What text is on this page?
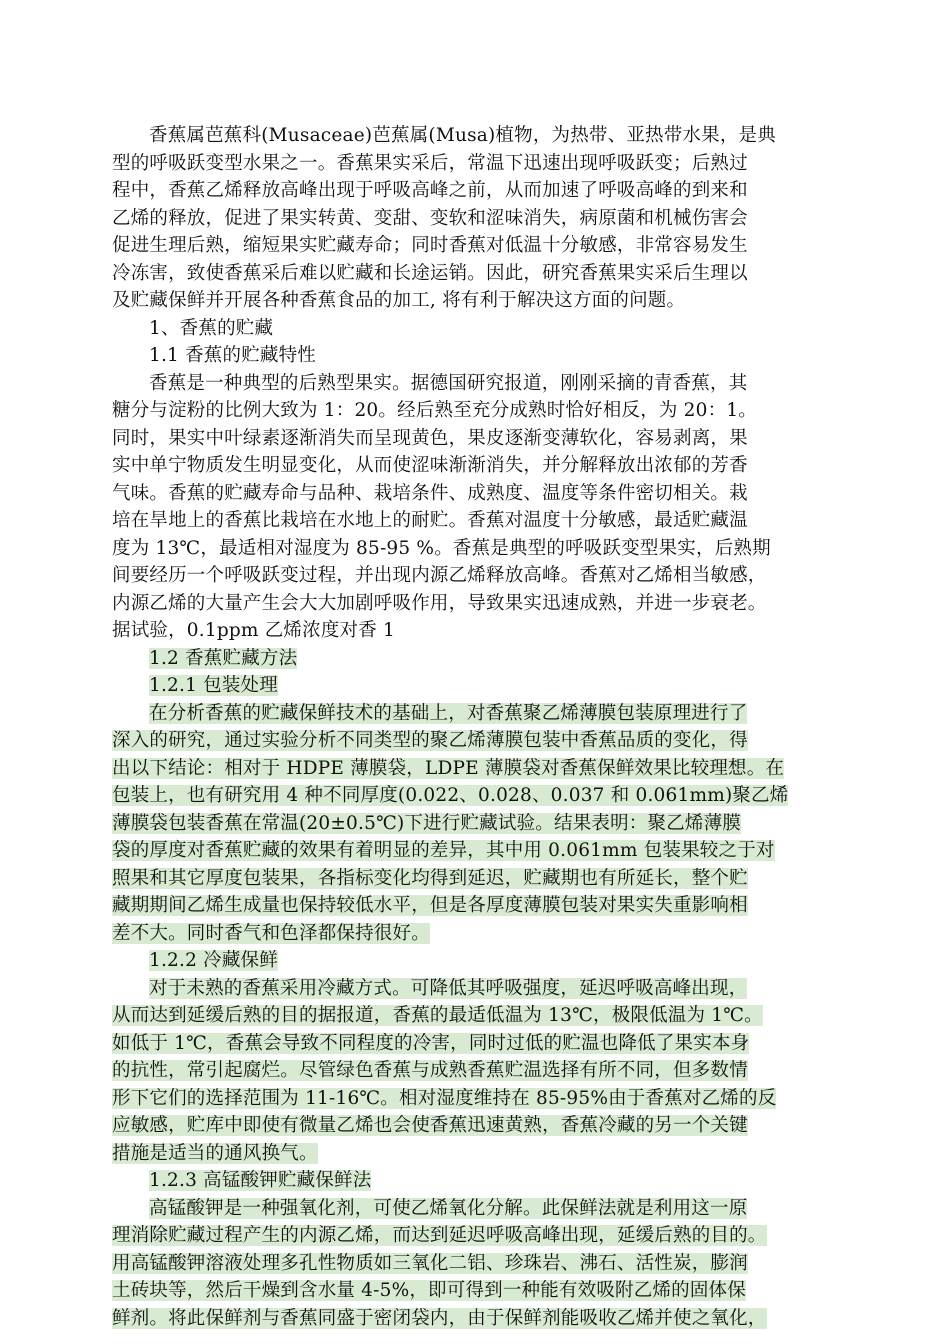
香蕉属芭蕉科(Musaceae)芭蕉属(Musa)植物，为热带、亚热带水果，是典
型的呼吸跃变型水果之一。香蕉果实采后，常温下迅速出现呼吸跃变；后熟过
程中，香蕉乙烯释放高峰出现于呼吸高峰之前，从而加速了呼吸高峰的到来和
乙烯的释放，促进了果实转黄、变甜、变软和涩味消失，病原菌和机械伤害会
促进生理后熟，缩短果实贮藏寿命；同时香蕉对低温十分敏感，非常容易发生
冷冻害，致使香蕉采后难以贮藏和长途运销。因此，研究香蕉果实采后生理以
及贮藏保鲜并开展各种香蕉食品的加工, 将有利于解决这方面的问题。
1、香蕉的贮藏
1.1 香蕉的贮藏特性
香蕉是一种典型的后熟型果实。据德国研究报道，刚刚采摘的青香蕉，其
糖分与淀粉的比例大致为 1：20。经后熟至充分成熟时恰好相反，为 20：1。
同时，果实中叶绿素逐渐消失而呈现黄色，果皮逐渐变薄软化，容易剥离，果
实中单宁物质发生明显变化，从而使涩味渐渐消失，并分解释放出浓郁的芳香
气味。香蕉的贮藏寿命与品种、栽培条件、成熟度、温度等条件密切相关。栽
培在旱地上的香蕉比栽培在水地上的耐贮。香蕉对温度十分敏感，最适贮藏温
度为 13℃，最适相对湿度为 85-95 %。香蕉是典型的呼吸跃变型果实，后熟期
间要经历一个呼吸跃变过程，并出现内源乙烯释放高峰。香蕉对乙烯相当敏感，
内源乙烯的大量产生会大大加剧呼吸作用，导致果实迅速成熟，并进一步衰老。
据试验，0.1ppm 乙烯浓度对香 1
1.2 香蕉贮藏方法
1.2.1 包装处理
在分析香蕉的贮藏保鲜技术的基础上，对香蕉聚乙烯薄膜包装原理进行了
深入的研究，通过实验分析不同类型的聚乙烯薄膜包装中香蕉品质的变化，得
出以下结论：相对于 HDPE 薄膜袋，LDPE 薄膜袋对香蕉保鲜效果比较理想。在
包装上，也有研究用 4 种不同厚度(0.022、0.028、0.037 和 0.061mm)聚乙烯
薄膜袋包装香蕉在常温(20±0.5℃)下进行贮藏试验。结果表明：聚乙烯薄膜
袋的厚度对香蕉贮藏的效果有着明显的差异，其中用 0.061mm 包装果较之于对
照果和其它厚度包装果，各指标变化均得到延迟，贮藏期也有所延长，整个贮
藏期期间乙烯生成量也保持较低水平，但是各厚度薄膜包装对果实失重影响相
差不大。同时香气和色泽都保持很好。
1.2.2 冷藏保鲜
对于未熟的香蕉采用冷藏方式。可降低其呼吸强度，延迟呼吸高峰出现，
从而达到延缓后熟的目的据报道，香蕉的最适低温为 13℃，极限低温为 1℃。
如低于 1℃，香蕉会导致不同程度的冷害，同时过低的贮温也降低了果实本身
的抗性，常引起腐烂。尽管绿色香蕉与成熟香蕉贮温选择有所不同，但多数情
形下它们的选择范围为 11-16℃。相对湿度维持在 85-95%由于香蕉对乙烯的反
应敏感，贮库中即使有微量乙烯也会使香蕉迅速黄熟，香蕉冷藏的另一个关键
措施是适当的通风换气。
1.2.3 高锰酸钾贮藏保鲜法
高锰酸钾是一种强氧化剂，可使乙烯氧化分解。此保鲜法就是利用这一原
理消除贮藏过程产生的内源乙烯，而达到延迟呼吸高峰出现，延缓后熟的目的。
用高锰酸钾溶液处理多孔性物质如三氧化二铝、珍珠岩、沸石、活性炭，膨润
土砖块等，然后干燥到含水量 4-5%，即可得到一种能有效吸附乙烯的固体保
鲜剂。将此保鲜剂与香蕉同盛于密闭袋内，由于保鲜剂能吸收乙烯并使之氧化，
